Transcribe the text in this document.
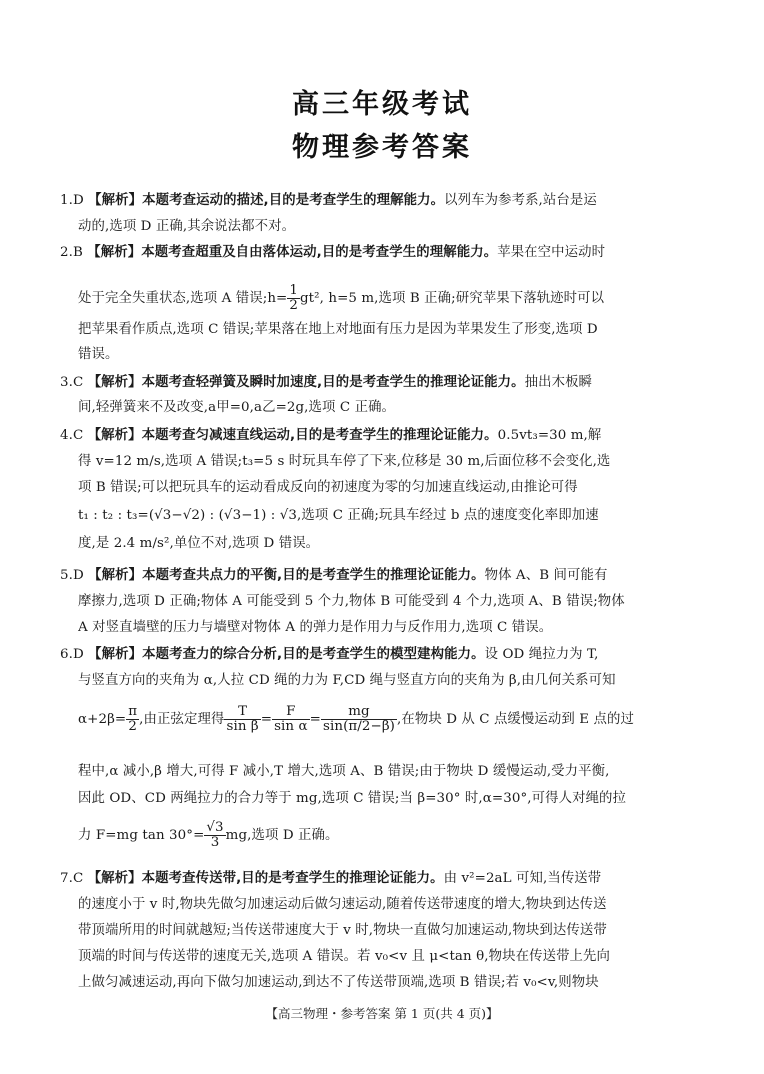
高三年级考试
物理参考答案
1.D 【解析】本题考查运动的描述,目的是考查学生的理解能力。以列车为参考系,站台是运
动的,选项 D 正确,其余说法都不对。
2.B 【解析】本题考查超重及自由落体运动,目的是考查学生的理解能力。苹果在空中运动时
处于完全失重状态,选项 A 错误;h= $\frac{1}{2} gt^2$, h=5 m,选项 B 正确;研究苹果下落轨迹时可以
把苹果看作质点,选项 C 错误;苹果落在地上对地面有压力是因为苹果发生了形变,选项 D
错误。
3.C 【解析】本题考查轻弹簧及瞬时加速度,目的是考查学生的推理论证能力。抽出木板瞬
间,轻弹簧来不及改变,a甲=0,a乙=2g,选项 C 正确。
4.C 【解析】本题考查匀减速直线运动,目的是考查学生的推理论证能力。0.5vt₃=30 m,解
得 v=12 m/s,选项 A 错误;t₃=5 s 时玩具车停了下来,位移是 30 m,后面位移不会变化,选
项 B 错误;可以把玩具车的运动看成反向的初速度为零的匀加速直线运动,由推论可得
t₁ : t₂ : t₃=(√3−√2) : (√3−1) : √3,选项 C 正确;玩具车经过 b 点的速度变化率即加速
度,是 2.4 m/s²,单位不对,选项 D 错误。
5.D 【解析】本题考查共点力的平衡,目的是考查学生的推理论证能力。物体 A、B 间可能有
摩擦力,选项 D 正确;物体 A 可能受到 5 个力,物体 B 可能受到 4 个力,选项 A、B 错误;物体
A 对竖直墙壁的压力与墙壁对物体 A 的弹力是作用力与反作用力,选项 C 错误。
6.D 【解析】本题考查力的综合分析,目的是考查学生的模型建构能力。设 OD 绳拉力为 T,
与竖直方向的夹角为 α,人拉 CD 绳的力为 F,CD 绳与竖直方向的夹角为 β,由几何关系可知
$\alpha+2\beta= \frac{\pi}{2}$ ,由正弦定理得 $\frac{T}{\text{sin β}} = \frac{F}{\text{sin α}} = \frac{mg}{\sin(\pi/2-\beta)}$ ,在物块 D 从 C 点缓慢运动到 E 点的过
程中,α 减小,β 增大,可得 F 减小,T 增大,选项 A、B 错误;由于物块 D 缓慢运动,受力平衡,
因此 OD、CD 两绳拉力的合力等于 mg,选项 C 错误;当 β=30° 时,α=30°,可得人对绳的拉
力 F=mg $\tan 30^\circ= \frac{√3}{3}$ mg,选项 D 正确。
7.C 【解析】本题考查传送带,目的是考查学生的推理论证能力。由 v²=2aL 可知,当传送带
的速度小于 v 时,物块先做匀加速运动后做匀速运动,随着传送带速度的增大,物块到达传送
带顶端所用的时间就越短;当传送带速度大于 v 时,物块一直做匀加速运动,物块到达传送带
顶端的时间与传送带的速度无关,选项 A 错误。若 v₀<v 且 μ<tan θ,物块在传送带上先向
上做匀减速运动,再向下做匀加速运动,到达不了传送带顶端,选项 B 错误;若 v₀<v,则物块
【高三物理・参考答案 第 1 页(共 4 页)】
